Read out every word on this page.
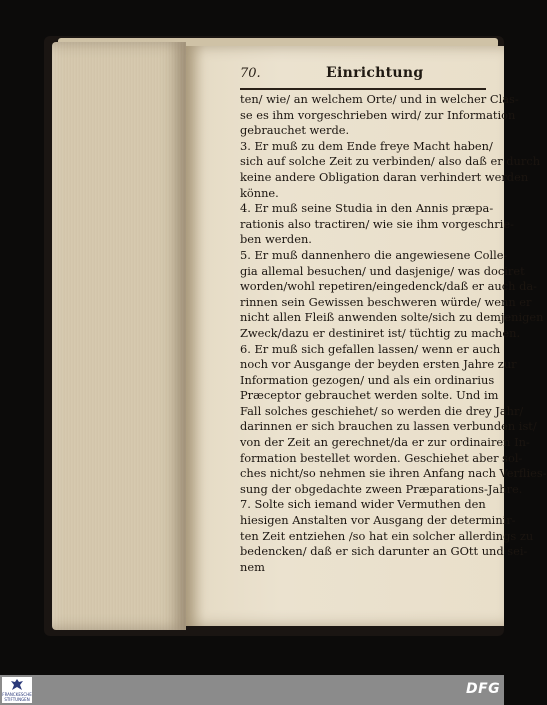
70.	Einrichtung
ten/ wie/ an welchem Orte/ und in welcher Clas-
se es ihm vorgeschrieben wird/ zur Information
gebrauchet werde.
3. Er muß zu dem Ende freye Macht haben/
sich auf solche Zeit zu verbinden/ also daß er durch
keine andere Obligation daran verhindert werden
könne.
4. Er muß seine Studia in den Annis præpa-
rationis also tractiren/ wie sie ihm vorgeschrie-
ben werden.
5. Er muß dannenhero die angewiesene Colle-
gia allemal besuchen/ und dasjenige/ was dociret
worden/wohl repetiren/eingedenck/daß er auch da-
rinnen sein Gewissen beschweren würde/ wenn er
nicht allen Fleiß anwenden solte/sich zu demjenigen
Zweck/dazu er destiniret ist/ tüchtig zu machen.
6. Er muß sich gefallen lassen/ wenn er auch
noch vor Ausgange der beyden ersten Jahre zur
Information gezogen/ und als ein ordinarius
Præceptor gebrauchet werden solte. Und im
Fall solches geschiehet/ so werden die drey Jahr/
darinnen er sich brauchen zu lassen verbunden ist/
von der Zeit an gerechnet/da er zur ordinairen In-
formation bestellet worden. Geschiehet aber sol-
ches nicht/so nehmen sie ihren Anfang nach Verflies-
sung der obgedachte zween Præparations-Jahre.
7. Solte sich iemand wider Vermuthen den
hiesigen Anstalten vor Ausgang der determinir-
ten Zeit entziehen /so hat ein solcher allerdings zu
bedencken/ daß er sich darunter an GOtt und sei-
nem
FRANCKESCHE
STIFTUNGEN
DFG
